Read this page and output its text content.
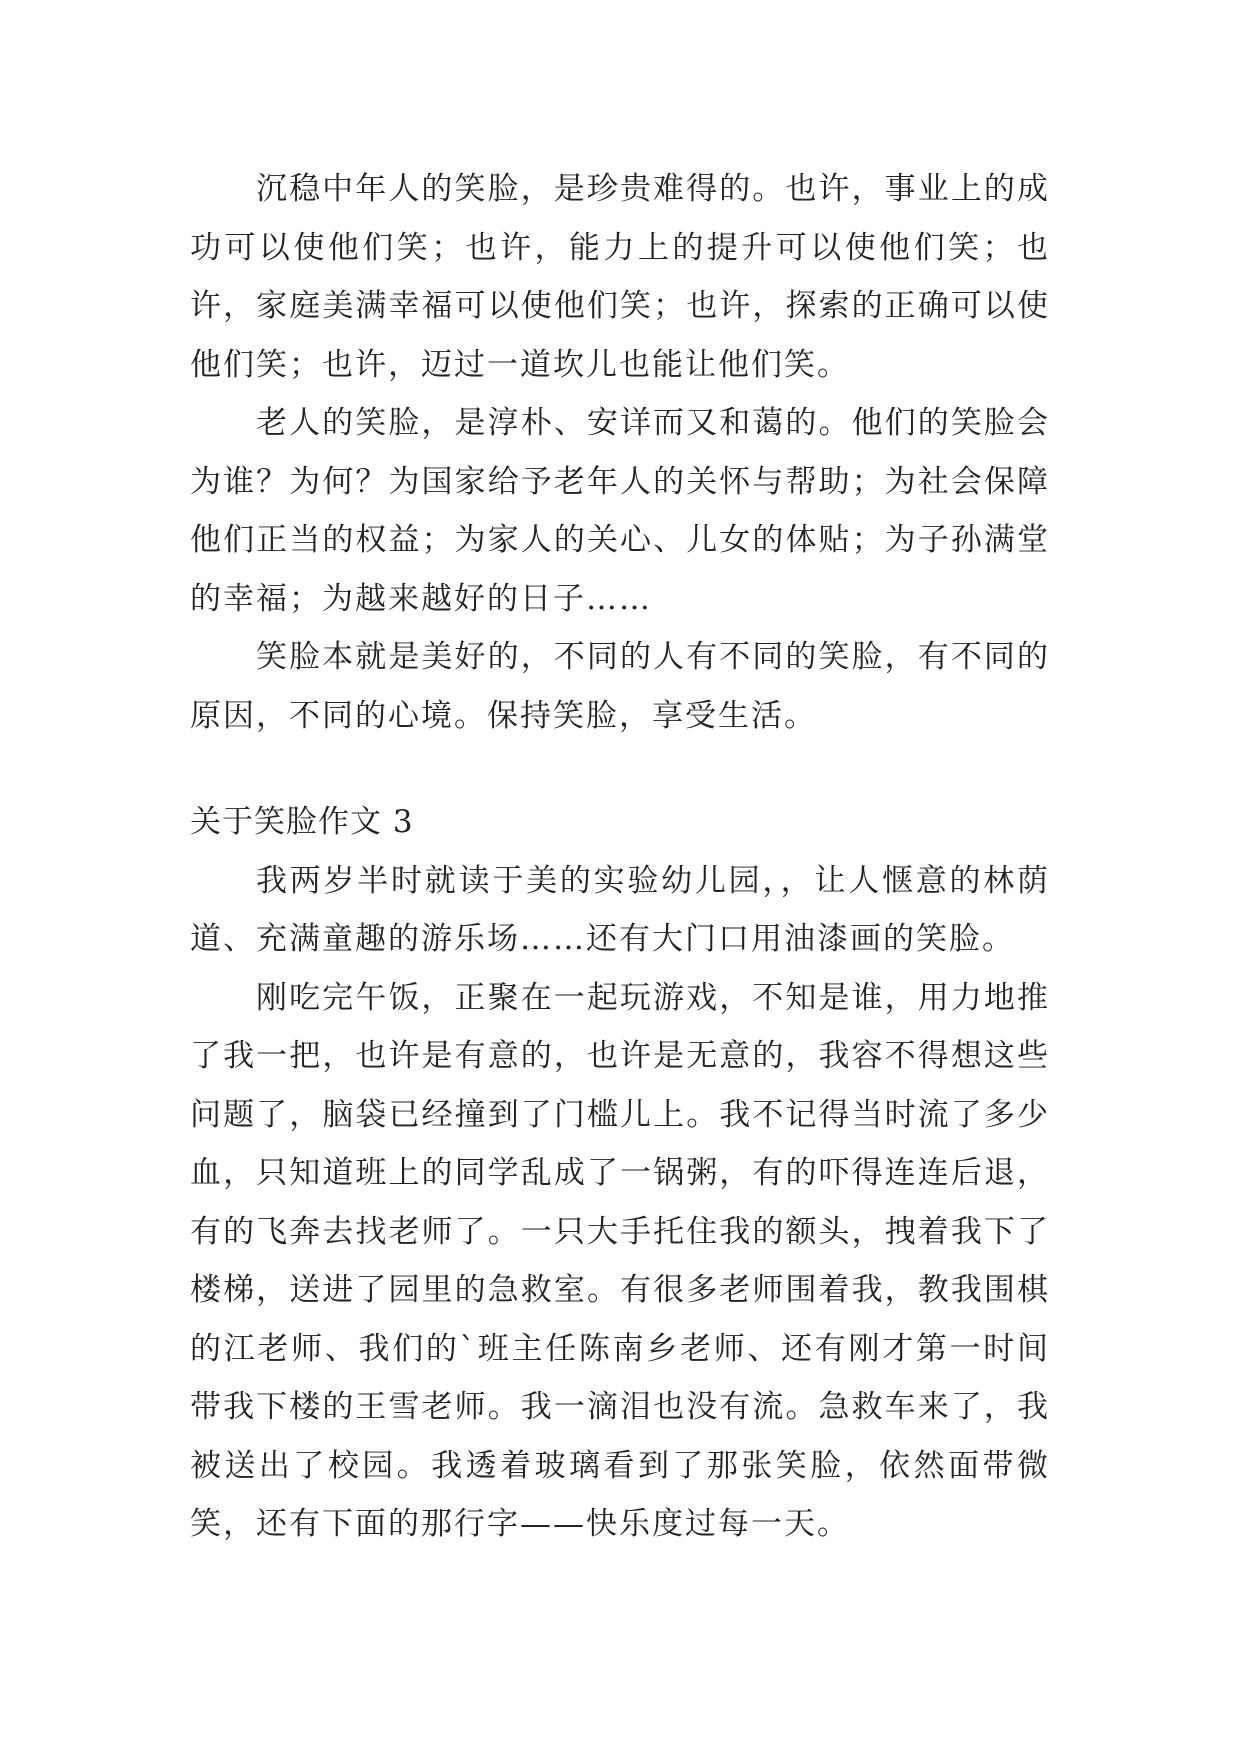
沉稳中年人的笑脸，是珍贵难得的。也许，事业上的成功可以使他们笑；也许，能力上的提升可以使他们笑；也许，家庭美满幸福可以使他们笑；也许，探索的正确可以使他们笑；也许，迈过一道坎儿也能让他们笑。

老人的笑脸，是淳朴、安详而又和蔼的。他们的笑脸会为谁？为何？为国家给予老年人的关怀与帮助；为社会保障他们正当的权益；为家人的关心、儿女的体贴；为子孙满堂的幸福；为越来越好的日子……

笑脸本就是美好的，不同的人有不同的笑脸，有不同的原因，不同的心境。保持笑脸，享受生活。

关于笑脸作文 3

我两岁半时就读于美的实验幼儿园，，让人惬意的林荫道、充满童趣的游乐场……还有大门口用油漆画的笑脸。

刚吃完午饭，正聚在一起玩游戏，不知是谁，用力地推了我一把，也许是有意的，也许是无意的，我容不得想这些问题了，脑袋已经撞到了门槛儿上。我不记得当时流了多少血，只知道班上的同学乱成了一锅粥，有的吓得连连后退，有的飞奔去找老师了。一只大手托住我的额头，拽着我下了楼梯，送进了园里的急救室。有很多老师围着我，教我围棋的江老师、我们的`班主任陈南乡老师、还有刚才第一时间带我下楼的王雪老师。我一滴泪也没有流。急救车来了，我被送出了校园。我透着玻璃看到了那张笑脸，依然面带微笑，还有下面的那行字——快乐度过每一天。
